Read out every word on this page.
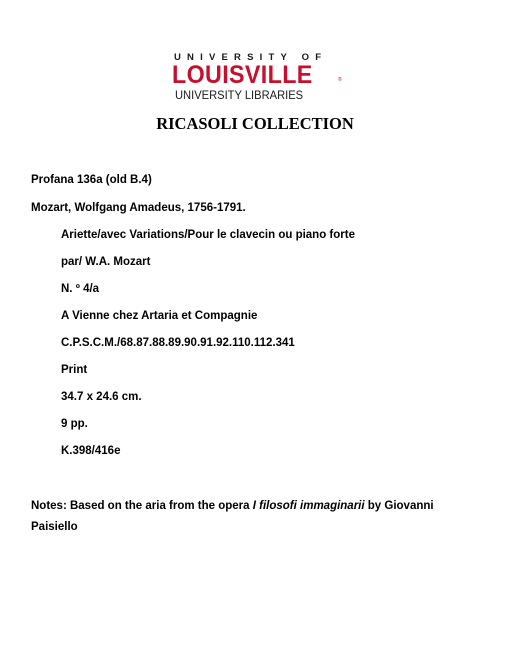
UNIVERSITY OF
LOUISVILLE	®
UNIVERSITY LIBRARIES
RICASOLI COLLECTION
Profana 136a (old B.4)
Mozart, Wolfgang Amadeus, 1756-1791.
Ariette/avec Variations/Pour le clavecin ou piano forte
par/ W.A. Mozart
N. º 4/a
A Vienne chez Artaria et Compagnie
C.P.S.C.M./68.87.88.89.90.91.92.110.112.341
Print
34.7 x 24.6 cm.
9 pp.
K.398/416e
Notes: Based on the aria from the opera I filosofi immaginarii by Giovanni Paisiello
